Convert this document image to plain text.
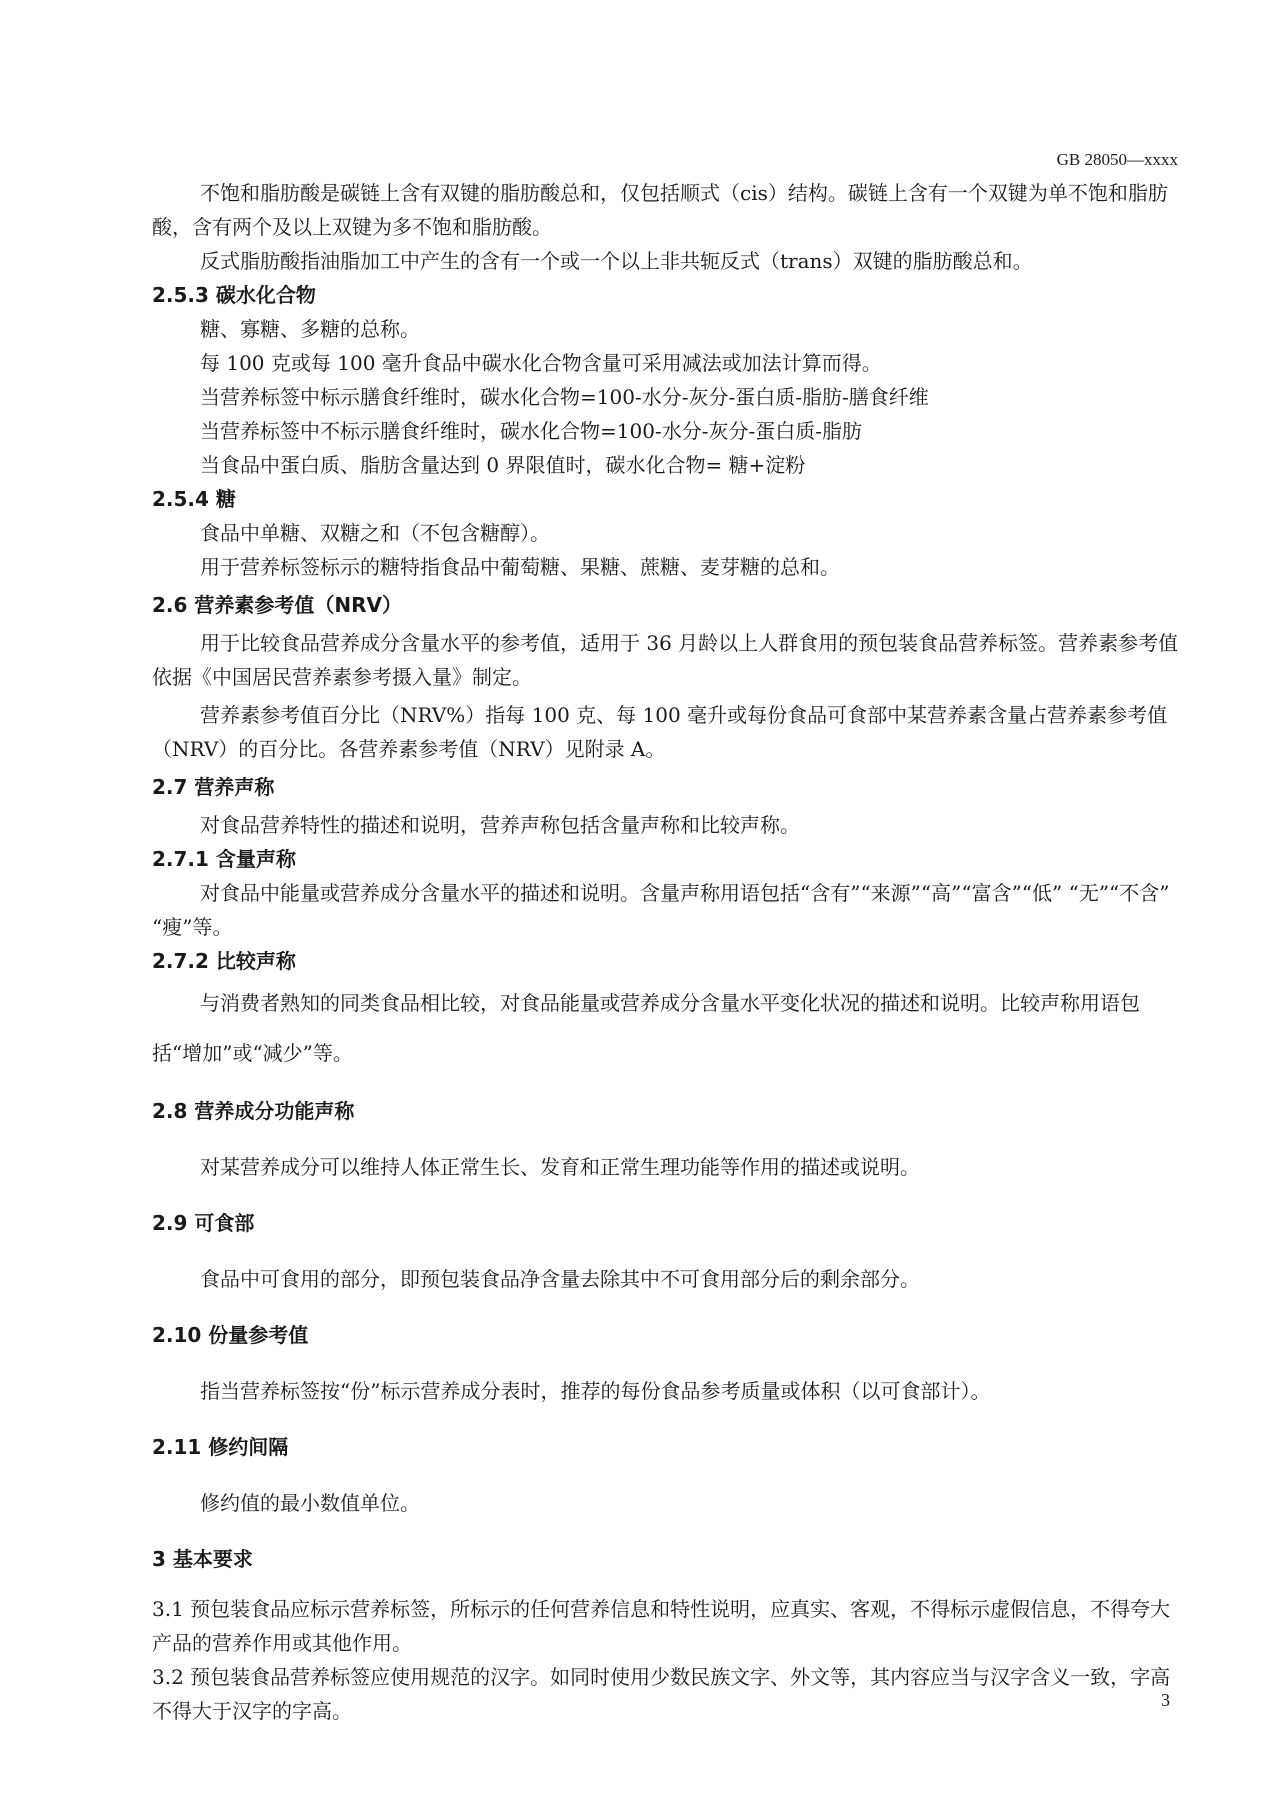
GB 28050—xxxx

不饱和脂肪酸是碳链上含有双键的脂肪酸总和，仅包括顺式（cis）结构。碳链上含有一个双键为单不饱和脂肪酸，含有两个及以上双键为多不饱和脂肪酸。

反式脂肪酸指油脂加工中产生的含有一个或一个以上非共轭反式（trans）双键的脂肪酸总和。

2.5.3 碳水化合物

糖、寡糖、多糖的总称。

每 100 克或每 100 毫升食品中碳水化合物含量可采用减法或加法计算而得。

当营养标签中标示膳食纤维时，碳水化合物=100-水分-灰分-蛋白质-脂肪-膳食纤维

当营养标签中不标示膳食纤维时，碳水化合物=100-水分-灰分-蛋白质-脂肪

当食品中蛋白质、脂肪含量达到 0 界限值时，碳水化合物= 糖+淀粉

2.5.4 糖

食品中单糖、双糖之和（不包含糖醇）。

用于营养标签标示的糖特指食品中葡萄糖、果糖、蔗糖、麦芽糖的总和。

2.6 营养素参考值（NRV）

用于比较食品营养成分含量水平的参考值，适用于 36 月龄以上人群食用的预包装食品营养标签。营养素参考值依据《中国居民营养素参考摄入量》制定。

营养素参考值百分比（NRV%）指每 100 克、每 100 毫升或每份食品可食部中某营养素含量占营养素参考值（NRV）的百分比。各营养素参考值（NRV）见附录 A。

2.7 营养声称

对食品营养特性的描述和说明，营养声称包括含量声称和比较声称。

2.7.1 含量声称

对食品中能量或营养成分含量水平的描述和说明。含量声称用语包括“含有”“来源”“高”“富含”“低” “无”“不含” “瘦”等。

2.7.2 比较声称

与消费者熟知的同类食品相比较，对食品能量或营养成分含量水平变化状况的描述和说明。比较声称用语包括“增加”或“减少”等。

2.8 营养成分功能声称

对某营养成分可以维持人体正常生长、发育和正常生理功能等作用的描述或说明。

2.9 可食部

食品中可食用的部分，即预包装食品净含量去除其中不可食用部分后的剩余部分。

2.10 份量参考值

指当营养标签按“份”标示营养成分表时，推荐的每份食品参考质量或体积（以可食部计）。

2.11 修约间隔

修约值的最小数值单位。

3 基本要求

3.1 预包装食品应标示营养标签，所标示的任何营养信息和特性说明，应真实、客观，不得标示虚假信息，不得夸大产品的营养作用或其他作用。

3.2 预包装食品营养标签应使用规范的汉字。如同时使用少数民族文字、外文等，其内容应当与汉字含义一致，字高不得大于汉字的字高。	3
